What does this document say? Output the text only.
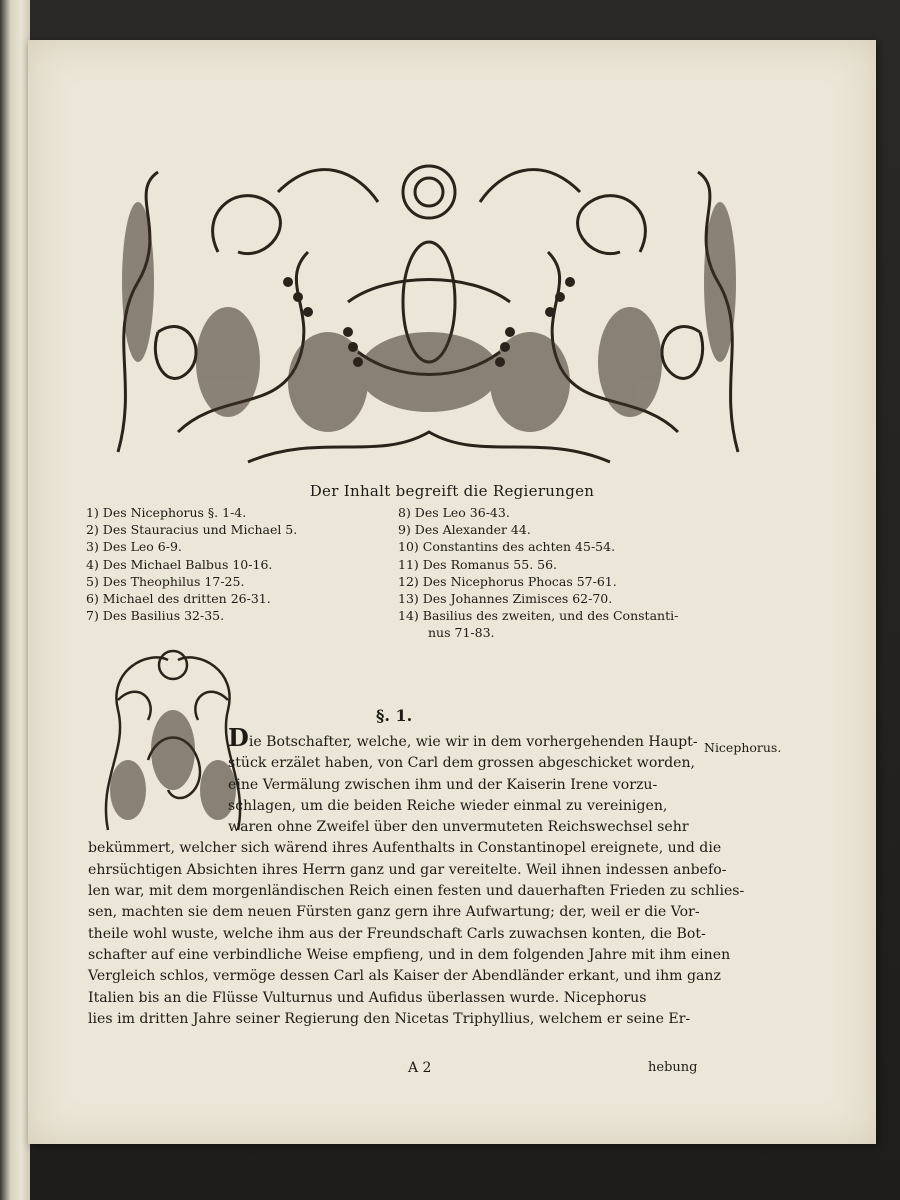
Der Inhalt begreift die Regierungen
1) Des Nicephorus §. 1-4.
2) Des Stauracius und Michael 5.
3) Des Leo 6-9.
4) Des Michael Balbus 10-16.
5) Des Theophilus 17-25.
6) Michael des dritten 26-31.
7) Des Basilius 32-35.
8) Des Leo 36-43.
9) Des Alexander 44.
10) Constantins des achten 45-54.
11) Des Romanus 55. 56.
12) Des Nicephorus Phocas 57-61.
13) Des Johannes Zimisces 62-70.
14) Basilius des zweiten, und des Constanti-
nus 71-83.
§. 1.
Die Botschafter, welche, wie wir in dem vorhergehenden Haupt-
stück erzälet haben, von Carl dem grossen abgeschicket worden,
eine Vermälung zwischen ihm und der Kaiserin Irene vorzu-
schlagen, um die beiden Reiche wieder einmal zu vereinigen,
waren ohne Zweifel über den unvermuteten Reichswechsel sehr
bekümmert, welcher sich wärend ihres Aufenthalts in Constantinopel ereignete, und die
ehrsüchtigen Absichten ihres Herrn ganz und gar vereitelte. Weil ihnen indessen anbefo-
len war, mit dem morgenländischen Reich einen festen und dauerhaften Frieden zu schlies-
sen, machten sie dem neuen Fürsten ganz gern ihre Aufwartung; der, weil er die Vor-
theile wohl wuste, welche ihm aus der Freundschaft Carls zuwachsen konten, die Bot-
schafter auf eine verbindliche Weise empfieng, und in dem folgenden Jahre mit ihm einen
Vergleich schlos, vermöge dessen Carl als Kaiser der Abendländer erkant, und ihm ganz
Italien bis an die Flüsse Vulturnus und Aufidus überlassen wurde. Nicephorus
lies im dritten Jahre seiner Regierung den Nicetas Triphyllius, welchem er seine Er-
Nicephorus.
A 2	hebung
